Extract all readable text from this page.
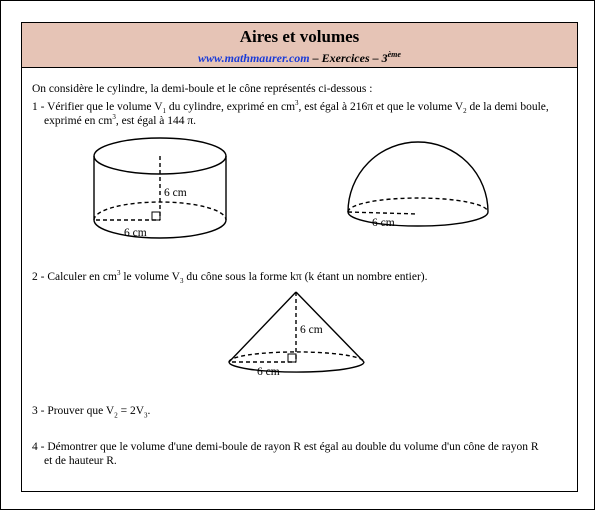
Aires et volumes
www.mathmaurer.com – Exercices – 3ème
On considère le cylindre, la demi-boule et le cône représentés ci-dessous :
1 - Vérifier que le volume $V_1$ du cylindre, exprimé en $cm^3$, est égal à 216π et que le volume $V_2$ de la demi boule,
exprimé en $cm^3$, est égal à 144 π.
6 cm
6 cm
6 cm
6 cm
6 cm
2 - Calculer en $cm^3$ le volume $V_3$ du cône sous la forme kπ (k étant un nombre entier).
3 - Prouver que $V_2 = 2V_3$.
4 - Démontrer que le volume d'une demi-boule de rayon R est égal au double du volume d'un cône de rayon R
et de hauteur R.
